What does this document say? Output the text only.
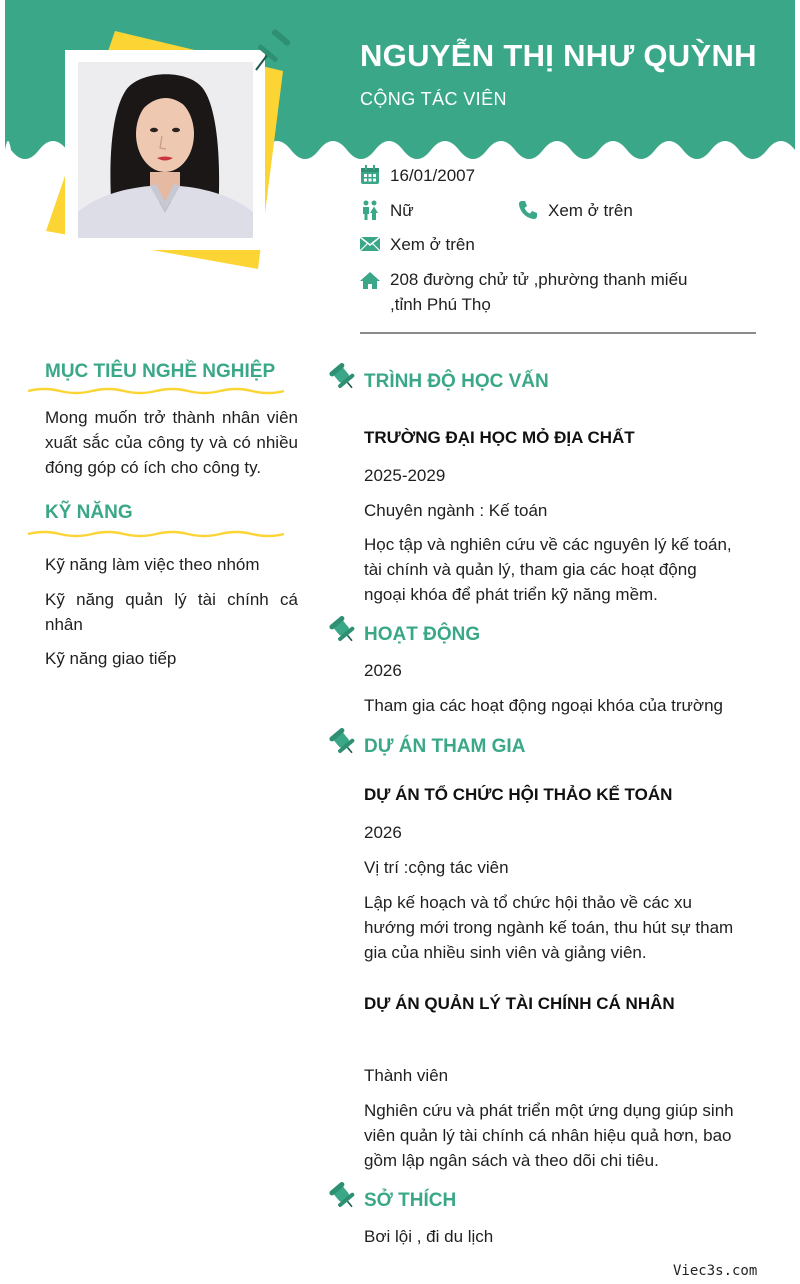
NGUYỄN THỊ NHƯ QUỲNH
CỘNG TÁC VIÊN
16/01/2007
Nữ	Xem ở trên
Xem ở trên
208 đường chử tử ,phường thanh miếu ,tỉnh Phú Thọ
MỤC TIÊU NGHỀ NGHIỆP
Mong muốn trở thành nhân viên xuất sắc của công ty và có nhiều đóng góp có ích cho công ty.
KỸ NĂNG
Kỹ năng làm việc theo nhóm
Kỹ năng quản lý tài chính cá nhân
Kỹ năng giao tiếp
TRÌNH ĐỘ HỌC VẤN
TRƯỜNG ĐẠI HỌC MỎ ĐỊA CHẤT
2025-2029
Chuyên ngành : Kế toán
Học tập và nghiên cứu về các nguyên lý kế toán, tài chính và quản lý, tham gia các hoạt động ngoại khóa để phát triển kỹ năng mềm.
HOẠT ĐỘNG
2026
Tham gia các hoạt động ngoại khóa của trường
DỰ ÁN THAM GIA
DỰ ÁN TỔ CHỨC HỘI THẢO KẾ TOÁN
2026
Vị trí :cộng tác viên
Lập kế hoạch và tổ chức hội thảo về các xu hướng mới trong ngành kế toán, thu hút sự tham gia của nhiều sinh viên và giảng viên.
DỰ ÁN QUẢN LÝ TÀI CHÍNH CÁ NHÂN
Thành viên
Nghiên cứu và phát triển một ứng dụng giúp sinh viên quản lý tài chính cá nhân hiệu quả hơn, bao gồm lập ngân sách và theo dõi chi tiêu.
SỞ THÍCH
Bơi lội , đi du lịch
Viec3s.com
